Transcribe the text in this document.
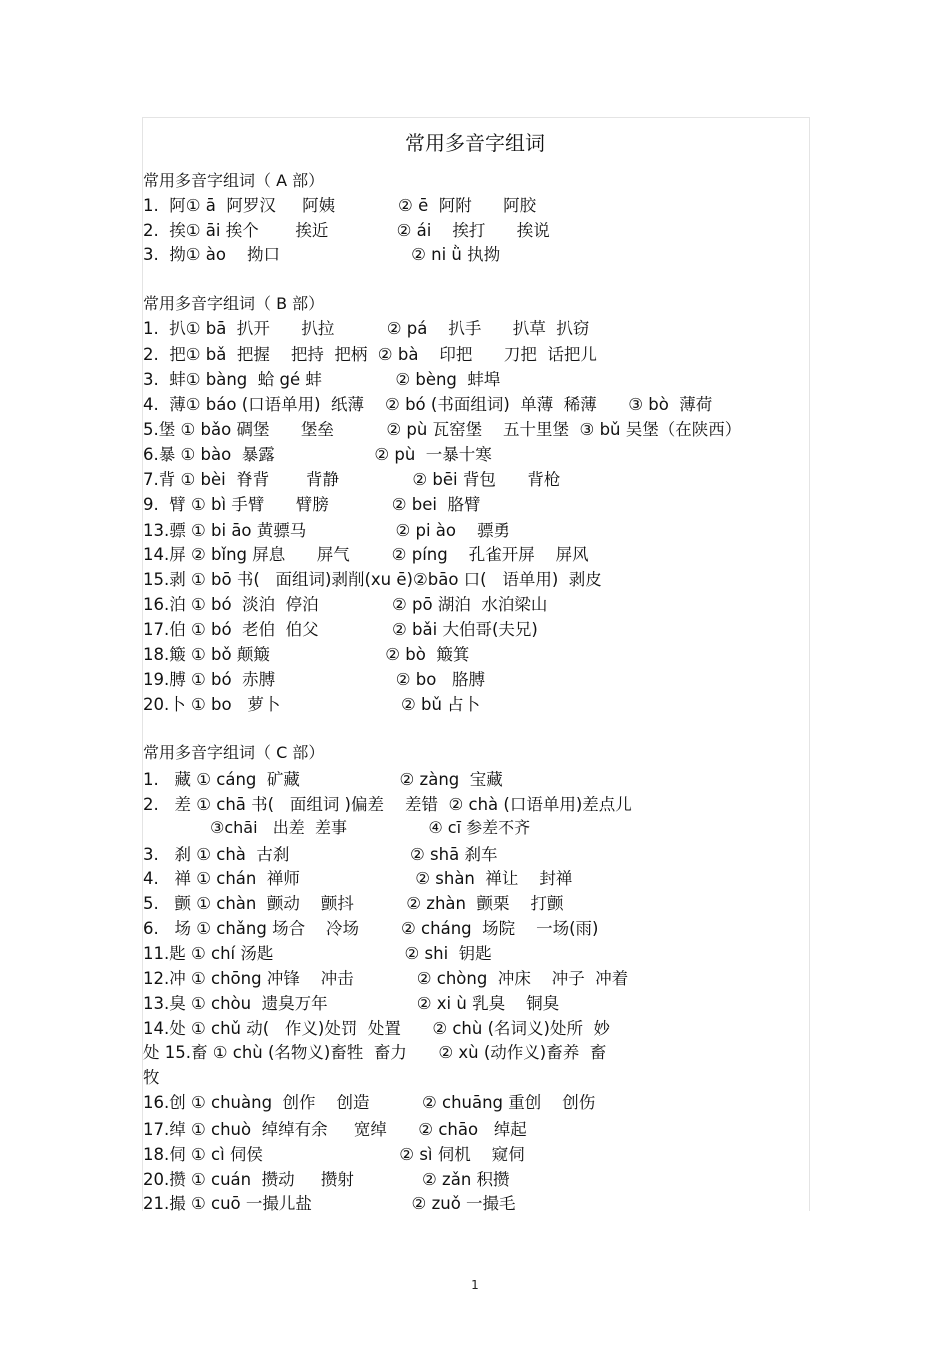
常用多音字组词
常用多音字组词（ A 部）
1.  阿① ā  阿罗汉     阿姨            ② ē  阿附      阿胶
2.  挨① āi 挨个       挨近             ② ái    挨打      挨说
3.  拗① ào    拗口                         ② ni ǜ 执拗
常用多音字组词（ B 部）
1.  扒① bā  扒开      扒拉          ② pá    扒手      扒草  扒窃
2.  把① bǎ  把握    把持  把柄  ② bà    印把      刀把  话把儿
3.  蚌① bàng  蛤 gé 蚌              ② bèng  蚌埠
4.  薄① báo (口语单用)  纸薄    ② bó (书面组词)  单薄  稀薄      ③ bò  薄荷
5.堡 ① bǎo 碉堡      堡垒          ② pù 瓦窑堡    五十里堡  ③ bǔ 吴堡（在陕西）
6.暴 ① bào  暴露                   ② pù  一暴十寒
7.背 ① bèi  脊背       背静              ② bēi 背包      背枪
9.  臂 ① bì 手臂      臂膀            ② bei  胳臂
13.骠 ① bi āo 黄骠马                 ② pi ào    骠勇
14.屏 ② bǐng 屏息      屏气        ② píng    孔雀开屏    屏风
15.剥 ① bō 书(   面组词)剥削(xu ē)②bāo 口(   语单用)  剥皮
16.泊 ① bó  淡泊  停泊              ② pō 湖泊  水泊梁山
17.伯 ① bó  老伯  伯父              ② bǎi 大伯哥(夫兄)
18.簸 ① bǒ 颠簸                      ② bò  簸箕
19.膊 ① bó  赤膊                       ② bo   胳膊
20.卜 ① bo   萝卜                       ② bǔ 占卜
常用多音字组词（ C 部）
1.   藏 ① cáng  矿藏                   ② zàng  宝藏
2.   差 ① chā 书(   面组词 )偏差    差错  ② chà (口语单用)差点儿
③chāi   出差  差事                ④ cī 参差不齐
3.   刹 ① chà  古刹                       ② shā 刹车
4.   禅 ① chán  禅师                      ② shàn  禅让    封禅
5.   颤 ① chàn  颤动    颤抖          ② zhàn  颤栗    打颤
6.   场 ① chǎng 场合    冷场        ② cháng  场院    一场(雨)
11.匙 ① chí 汤匙                         ② shi  钥匙
12.冲 ① chōng 冲锋    冲击            ② chòng  冲床    冲子  冲着
13.臭 ① chòu  遗臭万年                 ② xi ù 乳臭    铜臭
14.处 ① chǔ 动(   作义)处罚  处置      ② chù (名词义)处所  妙
处 15.畜 ① chù (名物义)畜牲  畜力      ② xù (动作义)畜养  畜
牧
16.创 ① chuàng  创作    创造          ② chuāng 重创    创伤
17.绰 ① chuò  绰绰有余     宽绰      ② chāo   绰起
18.伺 ① cì 伺侯                          ② sì 伺机    窥伺
20.攒 ① cuán  攒动     攒射             ② zǎn 积攒
21.撮 ① cuō 一撮儿盐                   ② zuǒ 一撮毛
1
